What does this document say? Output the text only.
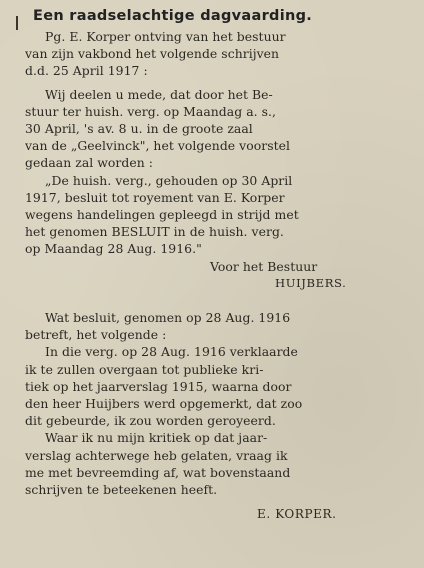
Een raadselachtige dagvaarding.
Pg. E. Korper ontving van het bestuur
van zijn vakbond het volgende schrijven
d.d. 25 April 1917 :
Wij deelen u mede, dat door het Be-
stuur ter huish. verg. op Maandag a. s.,
30 April, 's av. 8 u. in de groote zaal
van de „Geelvinck", het volgende voorstel
gedaan zal worden :
„De huish. verg., gehouden op 30 April
1917, besluit tot royement van E. Korper
wegens handelingen gepleegd in strijd met
het genomen BESLUIT in de huish. verg.
op Maandag 28 Aug. 1916."
Voor het Bestuur
HUIJBERS.
Wat besluit, genomen op 28 Aug. 1916
betreft, het volgende :
In die verg. op 28 Aug. 1916 verklaarde
ik te zullen overgaan tot publieke kri-
tiek op het jaarverslag 1915, waarna door
den heer Huijbers werd opgemerkt, dat zoo
dit gebeurde, ik zou worden geroyeerd.
Waar ik nu mijn kritiek op dat jaar-
verslag achterwege heb gelaten, vraag ik
me met bevreemding af, wat bovenstaand
schrijven te beteekenen heeft.
E. KORPER.
